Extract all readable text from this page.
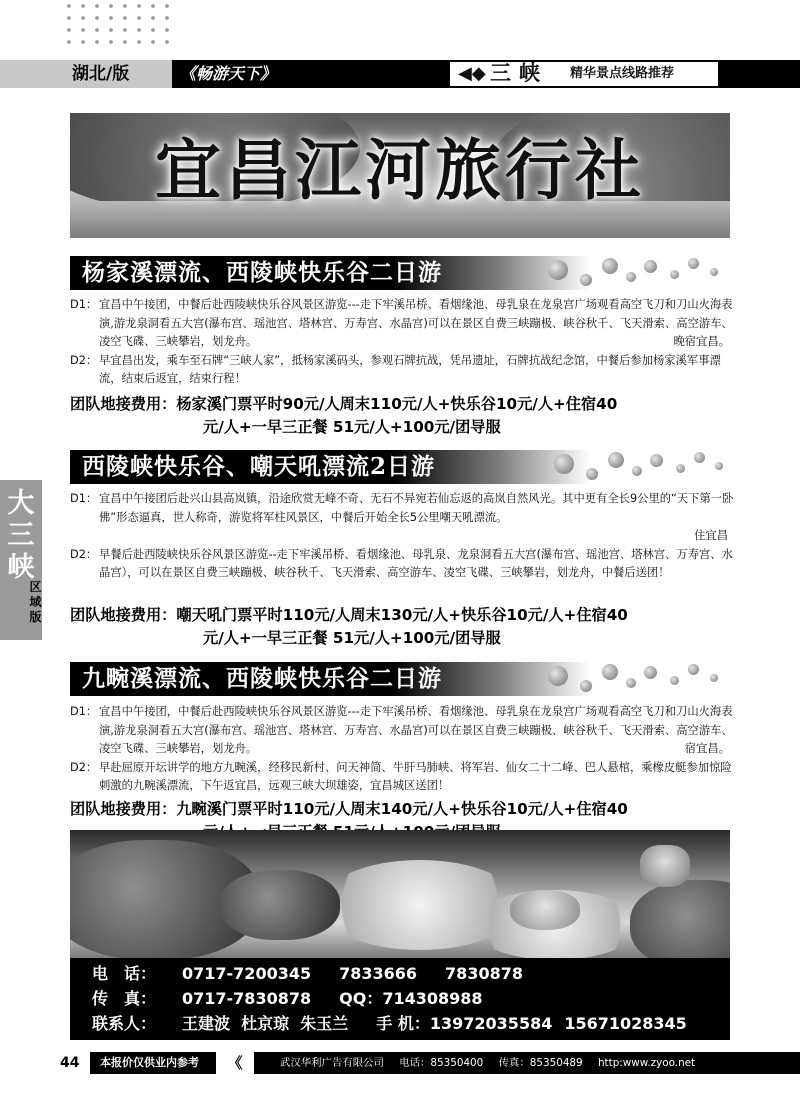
湖北/版	《畅游天下》	◀◆ 三峡 精华景点线路推荐
宜昌江河旅行社
大三峡
区域版
杨家溪漂流、西陵峡快乐谷二日游
D1： 宜昌中午接团，中餐后赴西陵峡快乐谷风景区游览---走下牢溪吊桥、看烟缘池、母乳泉在龙泉宫广场观看高空飞刀和刀山火海表演,游龙泉洞看五大宫(瀑布宫、瑶池宫、塔林宫、万寿宫、水晶宫)可以在景区自费三峡蹦极、峡谷秋千、飞天滑索、高空游车、凌空飞碟、三峡攀岩，划龙舟。	晚宿宜昌。
D2： 早宜昌出发，乘车至石牌“三峡人家”，抵杨家溪码头，参观石牌抗战，凭吊遗址，石牌抗战纪念馆，中餐后参加杨家溪军事漂流，结束后返宜，结束行程！
团队地接费用：杨家溪门票平时90元/人周末110元/人+快乐谷10元/人+住宿40
元/人+一早三正餐 51元/人+100元/团导服
西陵峡快乐谷、嘲天吼漂流2日游
D1： 宜昌中午接团后赴兴山县高岚镇，沿途欣赏无峰不奇、无石不异宛若仙忘返的高岚自然风光。其中更有全长9公里的“天下第一卧佛”形态逼真，世人称奇，游览将军柱风景区，中餐后开始全长5公里嘲天吼漂流。
住宜昌
D2： 早餐后赴西陵峡快乐谷风景区游览--走下牢溪吊桥、看烟缘池、母乳泉、龙泉洞看五大宫(瀑布宫、瑶池宫、塔林宫、万寿宫、水晶宫），可以在景区自费三峡蹦极、峡谷秋千、飞天滑索、高空游车、凌空飞碟、三峡攀岩，划龙舟，中餐后送团！
团队地接费用：嘲天吼门票平时110元/人周末130元/人+快乐谷10元/人+住宿40
元/人+一早三正餐 51元/人+100元/团导服
九畹溪漂流、西陵峡快乐谷二日游
D1： 宜昌中午接团，中餐后赴西陵峡快乐谷风景区游览---走下牢溪吊桥、看烟缘池、母乳泉在龙泉宫广场观看高空飞刀和刀山火海表演,游龙泉洞看五大宫(瀑布宫、瑶池宫、塔林宫、万寿宫、水晶宫)可以在景区自费三峡蹦极、峡谷秋千、飞天滑索、高空游车、凌空飞碟、三峡攀岩，划龙舟。	宿宜昌。
D2： 早赴屈原开坛讲学的地方九畹溪，经移民新村、问天神简、牛肝马肺峡、将军岩、仙女二十二峰、巴人悬棺，乘橡皮艇参加惊险刺激的九畹溪漂流，下午返宜昌，远观三峡大坝雄姿，宜昌城区送团！
团队地接费用：九畹溪门票平时110元/人周末140元/人+快乐谷10元/人+住宿40
电　话： 0717-7200345 7833666 7830878
传　真： 0717-7830878 QQ：714308988
联系人： 王建波  杜京琼  朱玉兰 手 机：13972035584 15671028345
44 本报价仅供业内参考	《	武汉华利广告有限公司 电话：85350400 传真：85350489 http:www.zyoo.net
